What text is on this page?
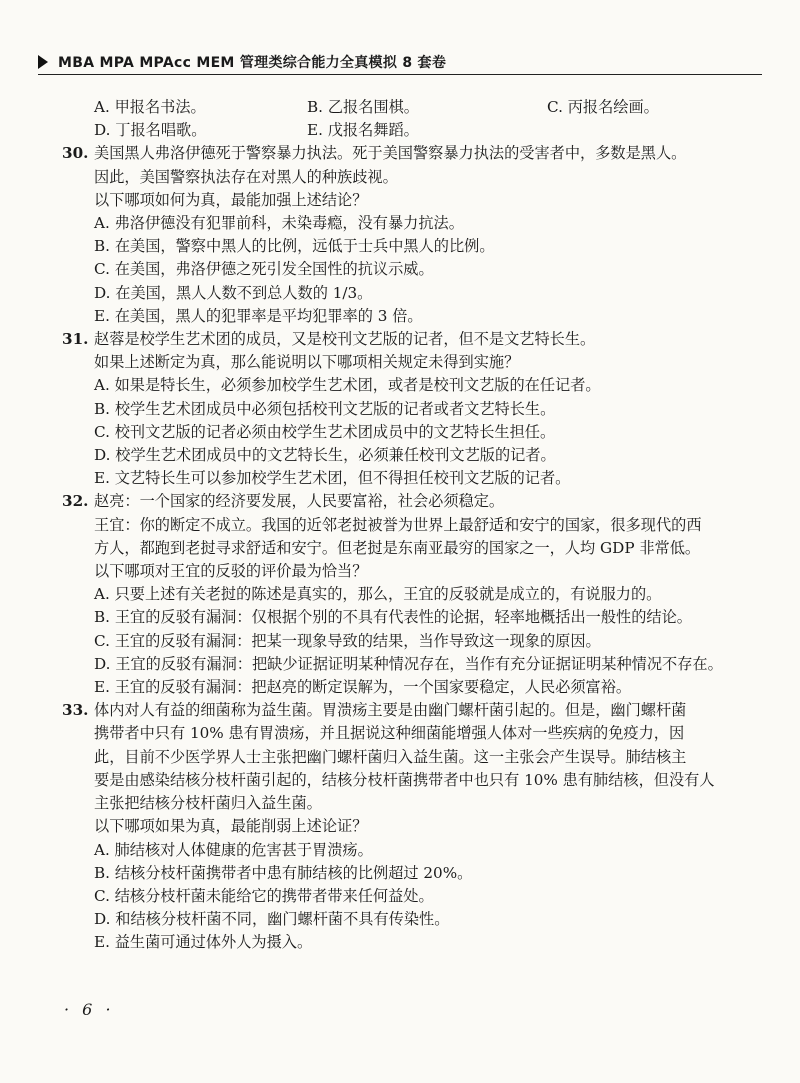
MBA MPA MPAcc MEM 管理类综合能力全真模拟 8 套卷
A. 甲报名书法。	B. 乙报名围棋。	C. 丙报名绘画。
D. 丁报名唱歌。	E. 戊报名舞蹈。
30. 美国黑人弗洛伊德死于警察暴力执法。死于美国警察暴力执法的受害者中，多数是黑人。
因此，美国警察执法存在对黑人的种族歧视。
以下哪项如何为真，最能加强上述结论？
A. 弗洛伊德没有犯罪前科，未染毒瘾，没有暴力抗法。
B. 在美国，警察中黑人的比例，远低于士兵中黑人的比例。
C. 在美国，弗洛伊德之死引发全国性的抗议示威。
D. 在美国，黑人人数不到总人数的 1/3。
E. 在美国，黑人的犯罪率是平均犯罪率的 3 倍。
31. 赵蓉是校学生艺术团的成员，又是校刊文艺版的记者，但不是文艺特长生。
如果上述断定为真，那么能说明以下哪项相关规定未得到实施？
A. 如果是特长生，必须参加校学生艺术团，或者是校刊文艺版的在任记者。
B. 校学生艺术团成员中必须包括校刊文艺版的记者或者文艺特长生。
C. 校刊文艺版的记者必须由校学生艺术团成员中的文艺特长生担任。
D. 校学生艺术团成员中的文艺特长生，必须兼任校刊文艺版的记者。
E. 文艺特长生可以参加校学生艺术团，但不得担任校刊文艺版的记者。
32. 赵亮：一个国家的经济要发展，人民要富裕，社会必须稳定。
王宜：你的断定不成立。我国的近邻老挝被誉为世界上最舒适和安宁的国家，很多现代的西
方人，都跑到老挝寻求舒适和安宁。但老挝是东南亚最穷的国家之一，人均 GDP 非常低。
以下哪项对王宜的反驳的评价最为恰当？
A. 只要上述有关老挝的陈述是真实的，那么，王宜的反驳就是成立的，有说服力的。
B. 王宜的反驳有漏洞：仅根据个别的不具有代表性的论据，轻率地概括出一般性的结论。
C. 王宜的反驳有漏洞：把某一现象导致的结果，当作导致这一现象的原因。
D. 王宜的反驳有漏洞：把缺少证据证明某种情况存在，当作有充分证据证明某种情况不存在。
E. 王宜的反驳有漏洞：把赵亮的断定误解为，一个国家要稳定，人民必须富裕。
33. 体内对人有益的细菌称为益生菌。胃溃疡主要是由幽门螺杆菌引起的。但是，幽门螺杆菌
携带者中只有 10% 患有胃溃疡，并且据说这种细菌能增强人体对一些疾病的免疫力，因
此，目前不少医学界人士主张把幽门螺杆菌归入益生菌。这一主张会产生误导。肺结核主
要是由感染结核分枝杆菌引起的，结核分枝杆菌携带者中也只有 10% 患有肺结核，但没有人
主张把结核分枝杆菌归入益生菌。
以下哪项如果为真，最能削弱上述论证？
A. 肺结核对人体健康的危害甚于胃溃疡。
B. 结核分枝杆菌携带者中患有肺结核的比例超过 20%。
C. 结核分枝杆菌未能给它的携带者带来任何益处。
D. 和结核分枝杆菌不同，幽门螺杆菌不具有传染性。
E. 益生菌可通过体外人为摄入。
· 6 ·
